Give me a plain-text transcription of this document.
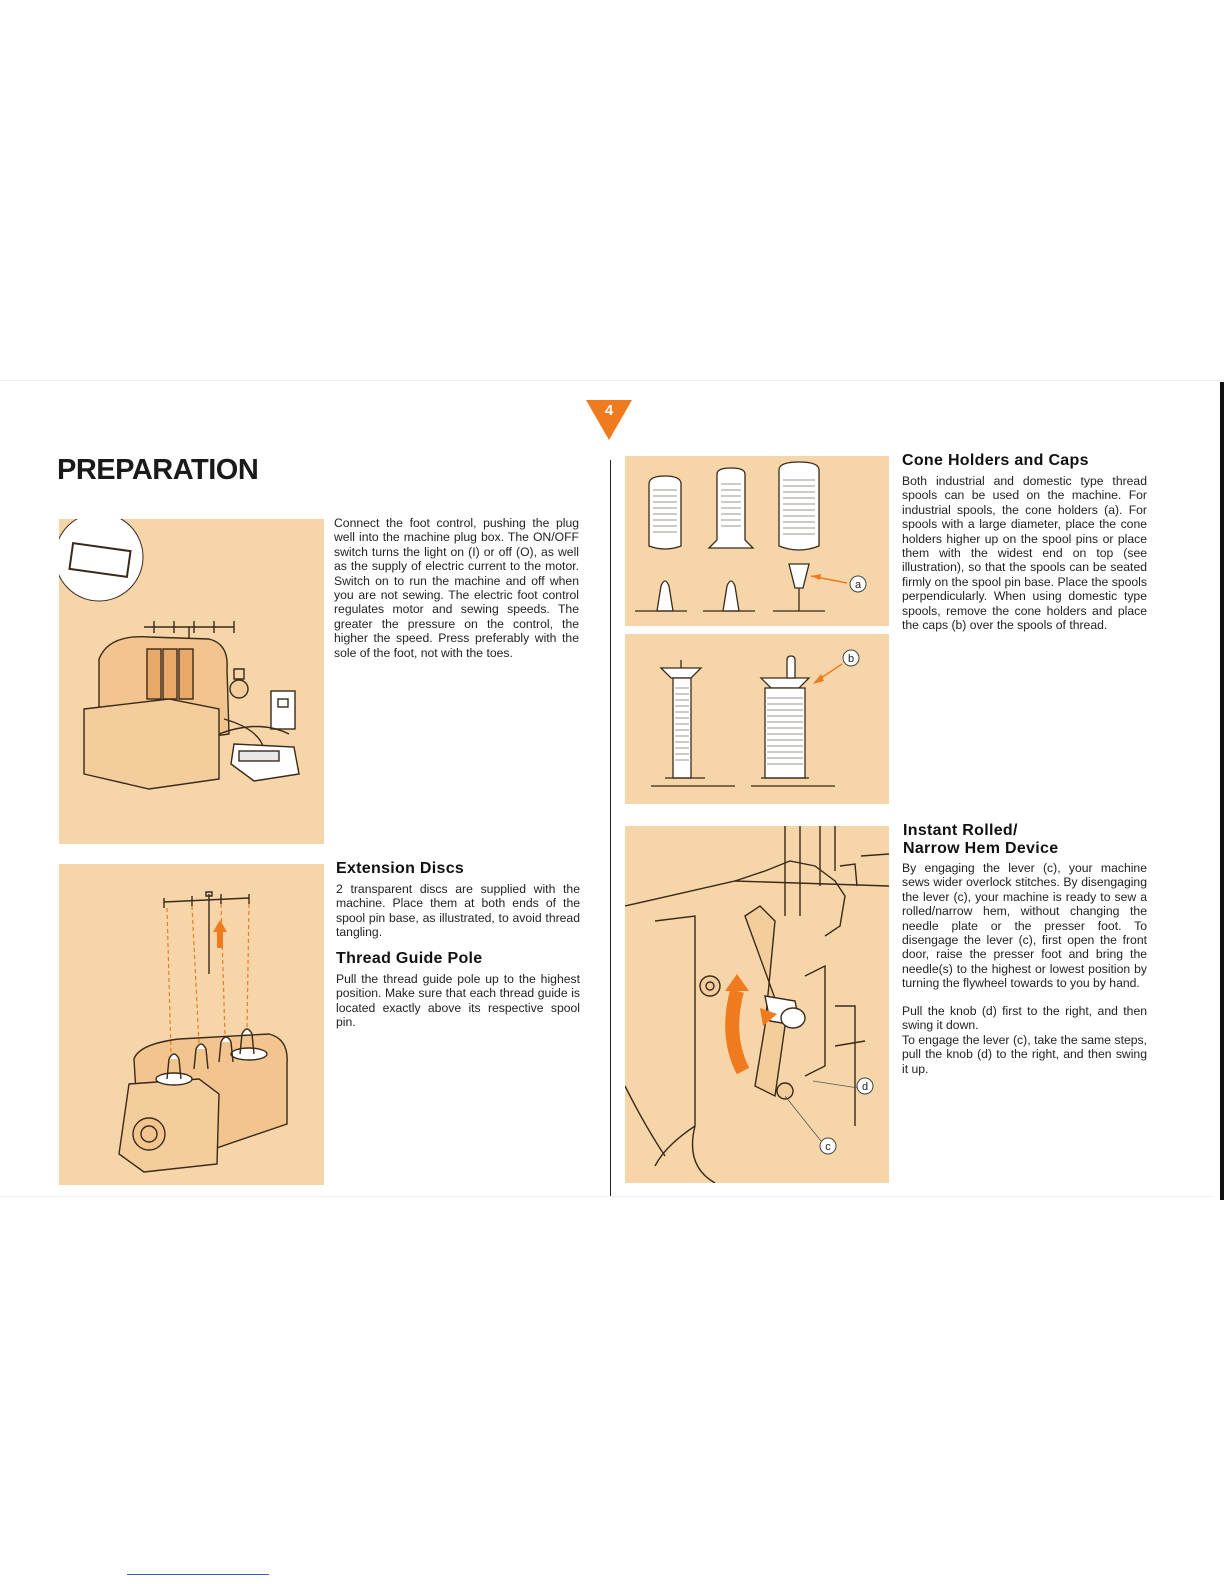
4
PREPARATION

Connect the foot control, pushing the plug well into the machine plug box. The ON/OFF switch turns the light on (I) or off (O), as well as the supply of electric current to the motor. Switch on to run the machine and off when you are not sewing. The electric foot control regulates motor and sewing speeds. The greater the pressure on the control, the higher the speed. Press preferably with the sole of the foot, not with the toes.

Extension Discs

2 transparent discs are supplied with the machine. Place them at both ends of the spool pin base, as illustrated, to avoid thread tangling.

Thread Guide Pole

Pull the thread guide pole up to the highest position. Make sure that each thread guide is located exactly above its respective spool pin.

a
b
Cone Holders and Caps

Both industrial and domestic type thread spools can be used on the machine. For industrial spools, the cone holders (a). For spools with a large diameter, place the cone holders higher up on the spool pins or place them with the widest end on top (see illustration), so that the spools can be seated firmly on the spool pin base. Place the spools perpendicularly. When using domestic type spools, remove the cone holders and place the caps (b) over the spools of thread.

d
c
Instant Rolled/
Narrow Hem Device

By engaging the lever (c), your machine sews wider overlock stitches. By disengaging the lever (c), your machine is ready to sew a rolled/narrow hem, without changing the needle plate or the presser foot. To disengage the lever (c), first open the front door, raise the presser foot and bring the needle(s) to the highest or lowest position by turning the flywheel towards to you by hand.

Pull the knob (d) first to the right, and then swing it down.

To engage the lever (c), take the same steps, pull the knob (d) to the right, and then swing it up.
